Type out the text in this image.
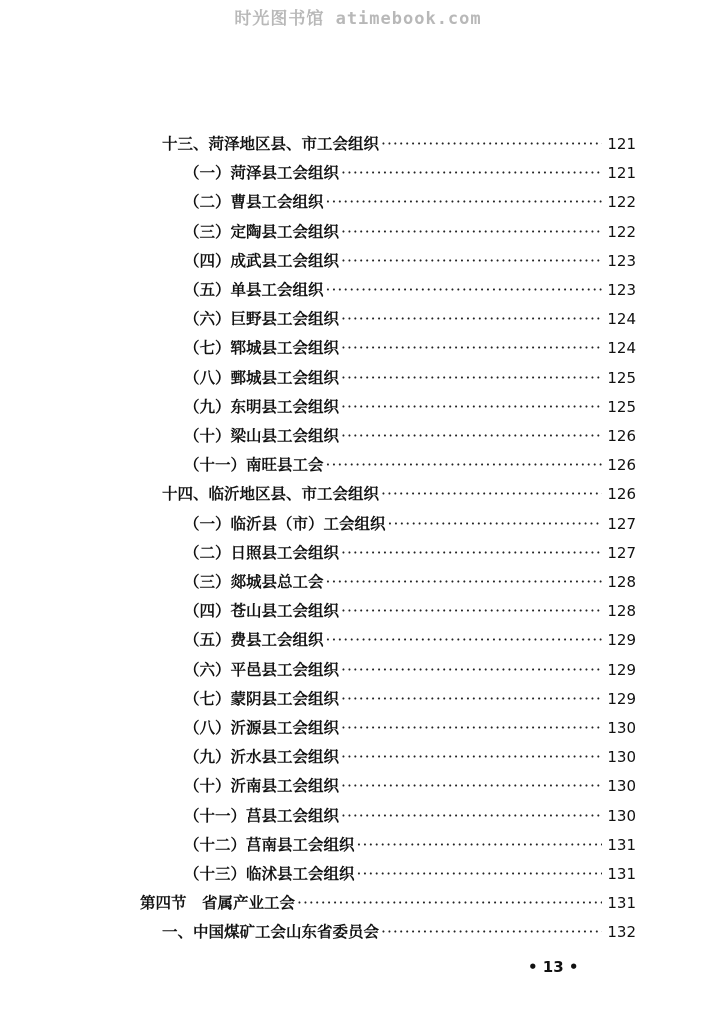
时光图书馆 atimebook.com
十三、菏泽地区县、市工会组织 ·····	121
（一）菏泽县工会组织 ·····	121
（二）曹县工会组织 ·····	122
（三）定陶县工会组织 ·····	122
（四）成武县工会组织 ·····	123
（五）单县工会组织 ·····	123
（六）巨野县工会组织 ·····	124
（七）郓城县工会组织 ·····	124
（八）鄄城县工会组织 ·····	125
（九）东明县工会组织 ·····	125
（十）梁山县工会组织 ·····	126
（十一）南旺县工会 ·····	126
十四、临沂地区县、市工会组织 ·····	126
（一）临沂县（市）工会组织 ·····	127
（二）日照县工会组织 ·····	127
（三）郯城县总工会 ·····	128
（四）苍山县工会组织 ·····	128
（五）费县工会组织 ·····	129
（六）平邑县工会组织 ·····	129
（七）蒙阴县工会组织 ·····	129
（八）沂源县工会组织 ·····	130
（九）沂水县工会组织 ·····	130
（十）沂南县工会组织 ·····	130
（十一）莒县工会组织 ·····	130
（十二）莒南县工会组织 ·····	131
（十三）临沭县工会组织 ·····	131
第四节　省属产业工会 ·····	131
一、中国煤矿工会山东省委员会 ·····	132
• 13 •
